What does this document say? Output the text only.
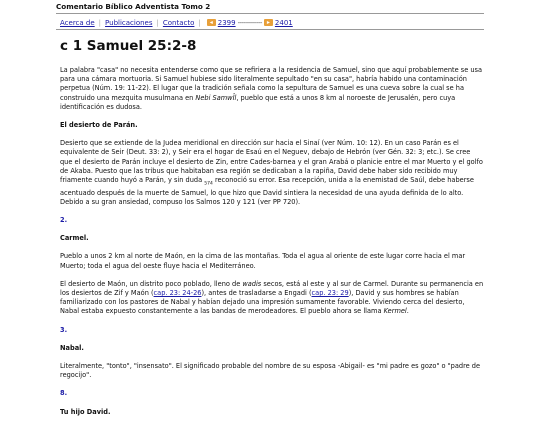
Comentario Bíblico Adventista Tomo 2
Acerca de | Publicaciones | Contacto |	◂ 2399 ------------ ▸ 2401
c 1 Samuel 25:2-8

La palabra "casa" no necesita entenderse como que se refiriera a la residencia de Samuel, sino que aquí probablemente se usa para una cámara mortuoria. Si Samuel hubiese sido literalmente sepultado "en su casa", habría habido una contaminación perpetua (Núm. 19: 11-22). El lugar que la tradición señala como la sepultura de Samuel es una cueva sobre la cual se ha construido una mezquita musulmana en Nebi SamwÎl, pueblo que está a unos 8 km al noroeste de Jerusalén, pero cuya identificación es dudosa.

El desierto de Parán.

Desierto que se extiende de la Judea meridional en dirección sur hacia el Sinaí (ver Núm. 10: 12). En un caso Parán es el equivalente de Seir (Deut. 33: 2), y Seir era el hogar de Esaú en el Neguev, debajo de Hebrón (ver Gén. 32: 3; etc.). Se cree que el desierto de Parán incluye el desierto de Zin, entre Cades-barnea y el gran Arabá o planicie entre el mar Muerto y el golfo de Akaba. Puesto que las tribus que habitaban esa región se dedicaban a la rapiña, David debe haber sido recibido muy friamente cuando huyó a Parán, y sin duda $_{574}$ reconoció su error. Esa recepción, unida a la enemistad de Saúl, debe haberse acentuado después de la muerte de Samuel, lo que hizo que David sintiera la necesidad de una ayuda definida de lo alto. Debido a su gran ansiedad, compuso los Salmos 120 y 121 (ver PP 720).

2.

Carmel.

Pueblo a unos 2 km al norte de Maón, en la cima de las montañas. Toda el agua al oriente de este lugar corre hacia el mar Muerto; toda el agua del oeste fluye hacia el Mediterráneo.

El desierto de Maón, un distrito poco poblado, lleno de wadis secos, está al este y al sur de Carmel. Durante su permanencia en los desiertos de Zif y Maón (cap. 23: 24-26), antes de trasladarse a Engadi (cap. 23: 29), David y sus hombres se habían familiarizado con los pastores de Nabal y habían dejado una impresión sumamente favorable. Viviendo cerca del desierto, Nabal estaba expuesto constantemente a las bandas de merodeadores. El pueblo ahora se llama Kermel.

3.

Nabal.

Literalmente, "tonto", "insensato". El significado probable del nombre de su esposa -Abigail- es "mi padre es gozo" o "padre de regocijo".

8.

Tu hijo David.
